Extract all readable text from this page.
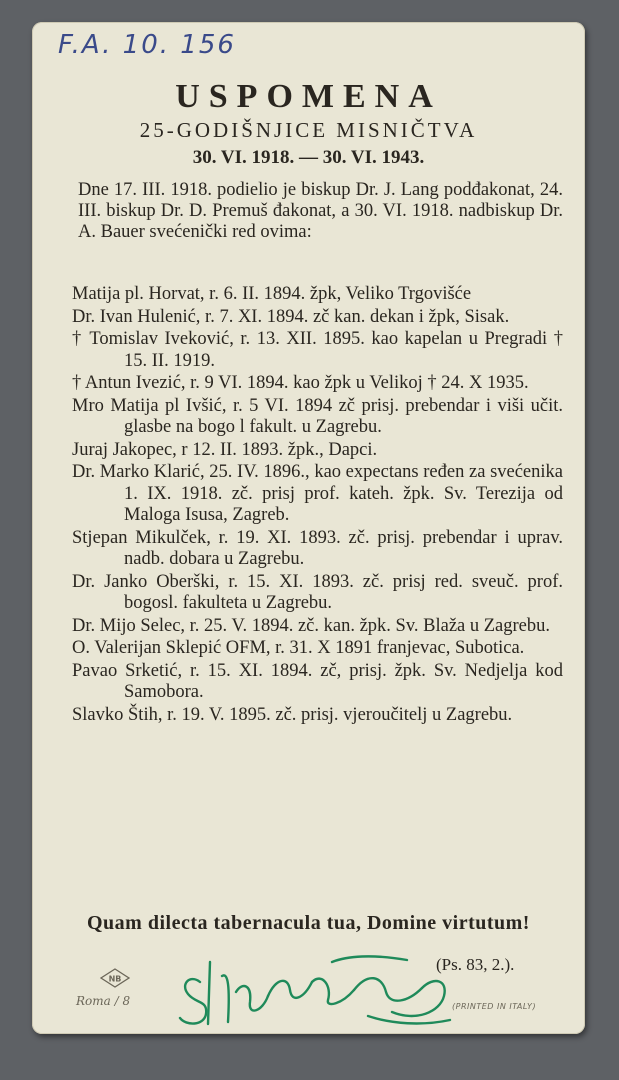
F.A. 10. 156
USPOMENA
25-GODIŠNJICE MISNIČTVA
30. VI. 1918. — 30. VI. 1943.
Dne 17. III. 1918. podielio je biskup Dr. J. Lang podđakonat, 24. III. biskup Dr. D. Premuš đakonat, a 30. VI. 1918. nadbiskup Dr. A. Bauer svećenički red ovima:

Matija pl. Horvat, r. 6. II. 1894. žpk, Veliko Trgovišće

Dr. Ivan Hulenić, r. 7. XI. 1894. zč kan. dekan i žpk, Sisak.

† Tomislav Iveković, r. 13. XII. 1895. kao kapelan u Pregradi † 15. II. 1919.

† Antun Ivezić, r. 9 VI. 1894. kao žpk u Velikoj † 24. X 1935.

Mro Matija pl Ivšić, r. 5 VI. 1894 zč prisj. prebendar i viši učit. glasbe na bogo l fakult. u Zagrebu.

Juraj Jakopec, r 12. II. 1893. žpk., Dapci.

Dr. Marko Klarić, 25. IV. 1896., kao expectans ređen za svećenika 1. IX. 1918. zč. prisj prof. kateh. žpk. Sv. Terezija od Maloga Isusa, Zagreb.

Stjepan Mikulček, r. 19. XI. 1893. zč. prisj. prebendar i uprav. nadb. dobara u Zagrebu.

Dr. Janko Oberški, r. 15. XI. 1893. zč. prisj red. sveuč. prof. bogosl. fakulteta u Zagrebu.

Dr. Mijo Selec, r. 25. V. 1894. zč. kan. žpk. Sv. Blaža u Zagrebu.

O. Valerijan Sklepić OFM, r. 31. X 1891 franjevac, Subotica.

Pavao Srketić, r. 15. XI. 1894. zč, prisj. žpk. Sv. Nedjelja kod Samobora.

Slavko Štih, r. 19. V. 1895. zč. prisj. vjeroučitelj u Zagrebu.

Quam dilecta tabernacula tua, Domine virtutum!
(Ps. 83, 2.).
NB
Roma / 8	(PRINTED IN ITALY)
